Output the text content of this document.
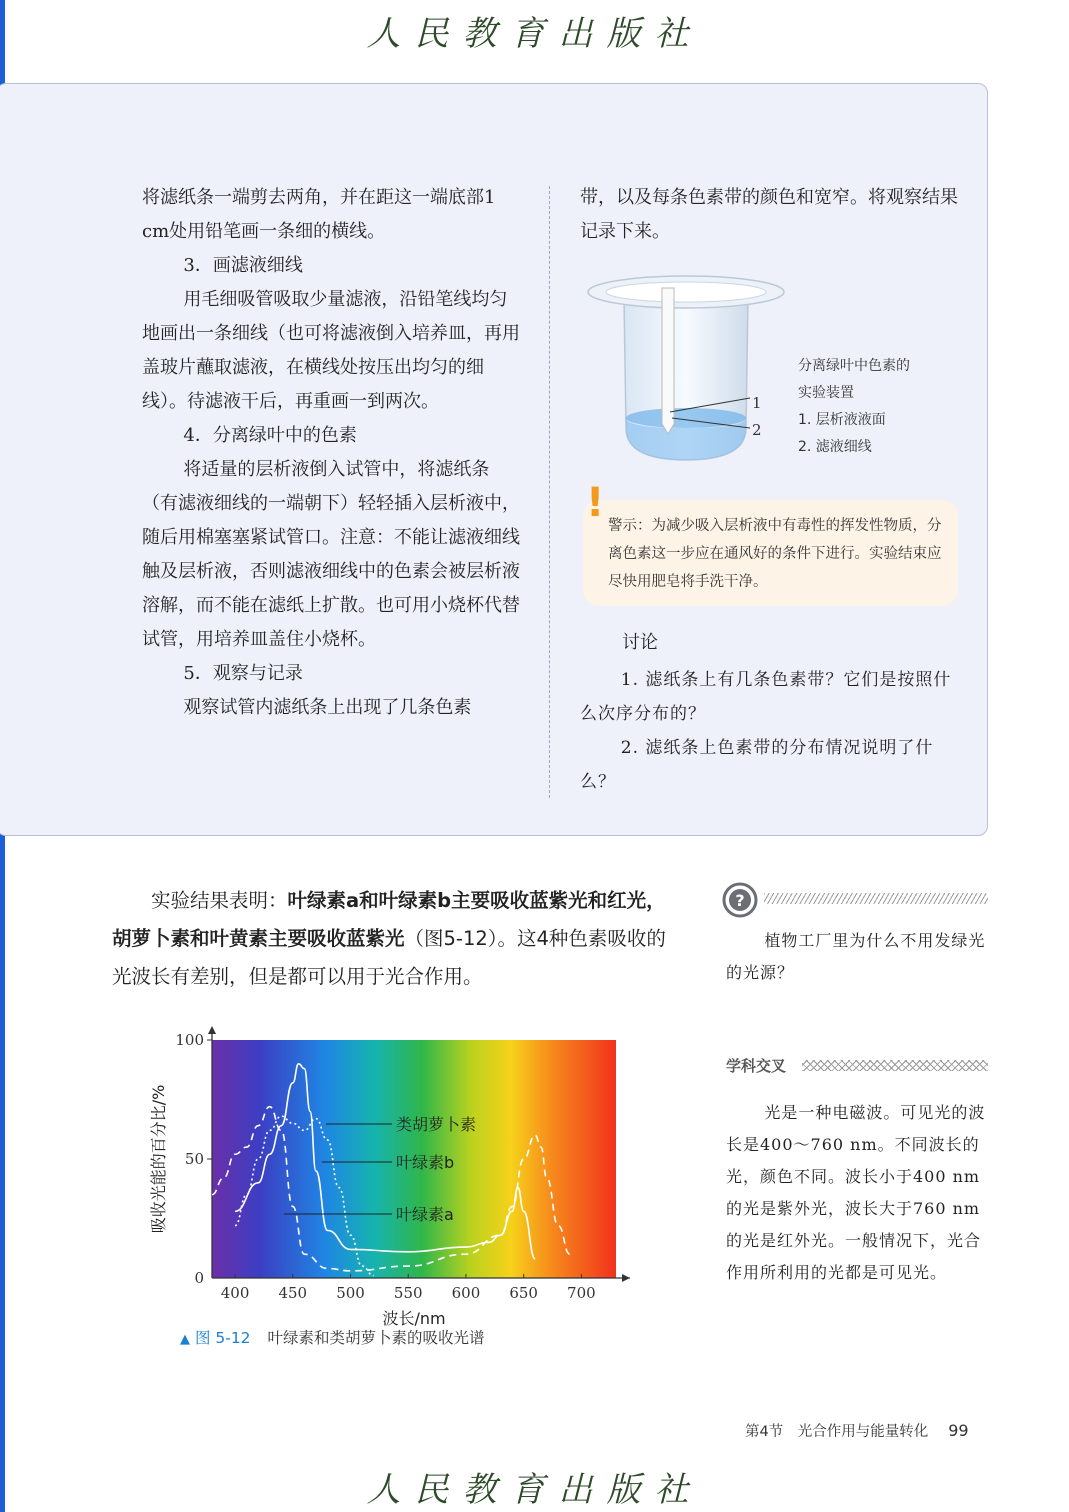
人民教育出版社

将滤纸条一端剪去两角，并在距这一端底部1 cm处用铅笔画一条细的横线。

3．画滤液细线

用毛细吸管吸取少量滤液，沿铅笔线均匀地画出一条细线（也可将滤液倒入培养皿，再用盖玻片蘸取滤液，在横线处按压出均匀的细线）。待滤液干后，再重画一到两次。

4．分离绿叶中的色素

将适量的层析液倒入试管中，将滤纸条（有滤液细线的一端朝下）轻轻插入层析液中，随后用棉塞塞紧试管口。注意：不能让滤液细线触及层析液，否则滤液细线中的色素会被层析液溶解，而不能在滤纸上扩散。也可用小烧杯代替试管，用培养皿盖住小烧杯。

5．观察与记录

观察试管内滤纸条上出现了几条色素

带，以及每条色素带的颜色和宽窄。将观察结果记录下来。

1
2
分离绿叶中色素的
实验装置
1. 层析液液面
2. 滤液细线
! 警示：为减少吸入层析液中有毒性的挥发性物质，分离色素这一步应在通风好的条件下进行。实验结束应尽快用肥皂将手洗干净。
讨论

1. 滤纸条上有几条色素带？它们是按照什么次序分布的？

2. 滤纸条上色素带的分布情况说明了什么？

实验结果表明：叶绿素a和叶绿素b主要吸收蓝紫光和红光，胡萝卜素和叶黄素主要吸收蓝紫光（图5-12）。这4种色素吸收的光波长有差别，但是都可以用于光合作用。
400 450 500 550 600 650 700
0
50
100
波长/nm
吸收光能的百分比/%	类胡萝卜素
叶绿素b
叶绿素a
▲ 图 5-12 叶绿素和类胡萝卜素的吸收光谱
?

植物工厂里为什么不用发绿光的光源？

学科交叉

光是一种电磁波。可见光的波长是400～760 nm。不同波长的光，颜色不同。波长小于400 nm的光是紫外光，波长大于760 nm的光是红外光。一般情况下，光合作用所利用的光都是可见光。

第4节　光合作用与能量转化 99
人民教育出版社
